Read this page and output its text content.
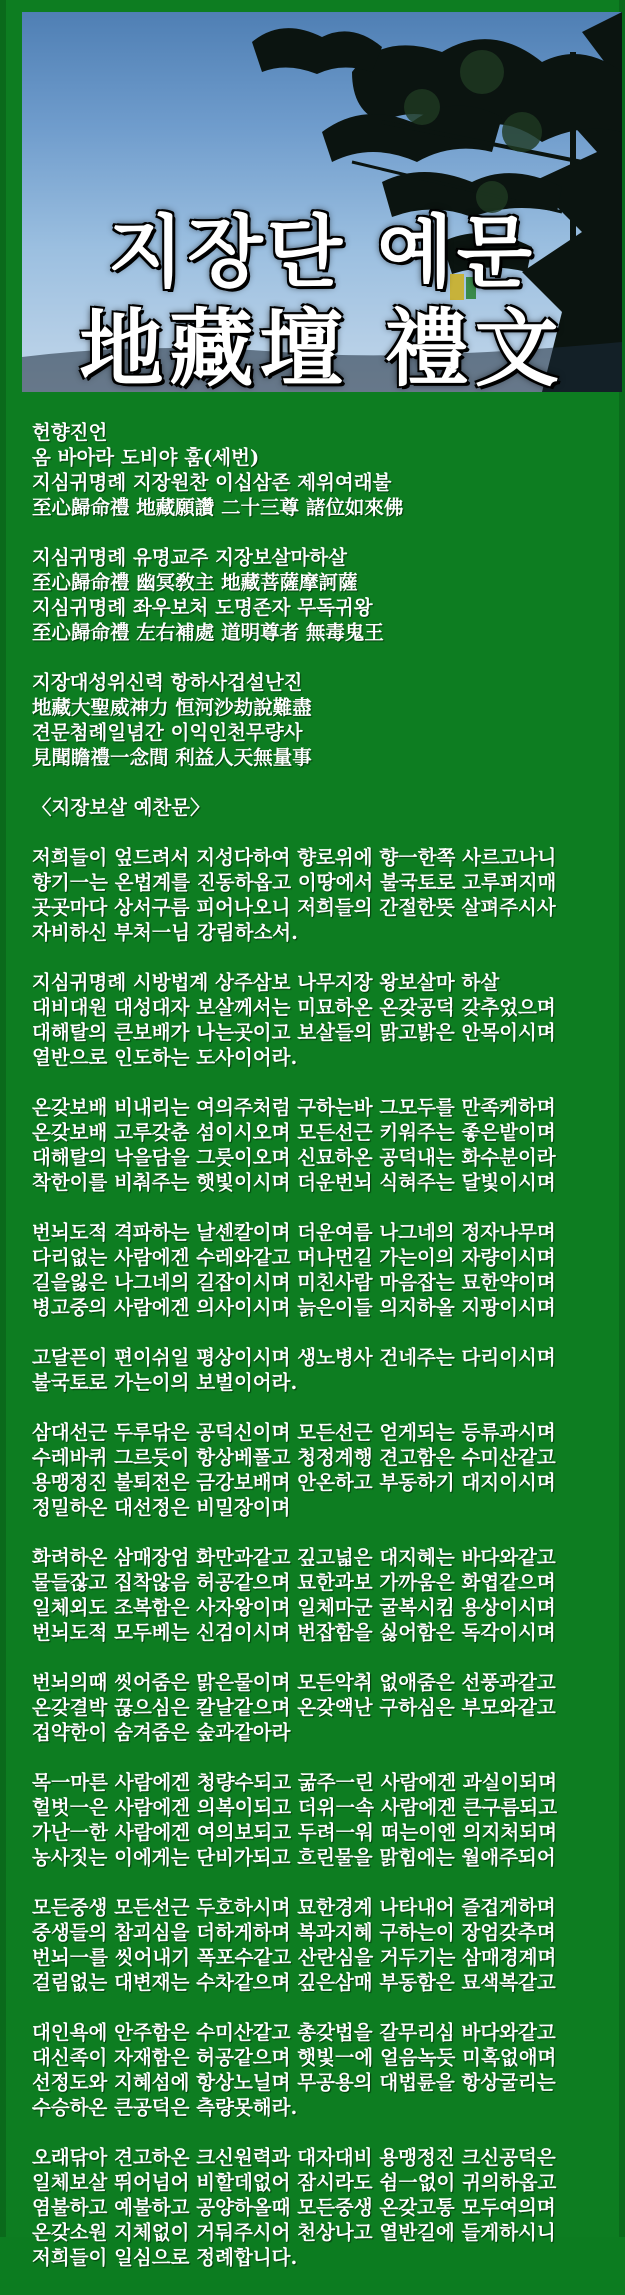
지장단 예문
地藏壇 禮文
헌향진언
옴 바아라 도비야 훔(세번)
지심귀명례 지장원찬 이십삼존 제위여래불
至心歸命禮 地藏願讚 二十三尊 諸位如來佛
지심귀명례 유명교주 지장보살마하살
至心歸命禮 幽冥敎主 地藏菩薩摩訶薩
지심귀명례 좌우보처 도명존자 무독귀왕
至心歸命禮 左右補處 道明尊者 無毒鬼王
지장대성위신력 항하사겁설난진
地藏大聖威神力 恒河沙劫說難盡
견문첨례일념간 이익인천무량사
見聞瞻禮一念間 利益人天無量事
〈지장보살 예찬문〉
저희들이 엎드려서 지성다하여 향로위에 향一한쪽 사르고나니
향기一는 온법계를 진동하옵고 이땅에서 불국토로 고루퍼지매
곳곳마다 상서구름 피어나오니 저희들의 간절한뜻 살펴주시사
자비하신 부처一님 강림하소서.
지심귀명례 시방법계 상주삼보 나무지장 왕보살마 하살
대비대원 대성대자 보살께서는 미묘하온 온갖공덕 갖추었으며
대해탈의 큰보배가 나는곳이고 보살들의 맑고밝은 안목이시며
열반으로 인도하는 도사이어라.
온갖보배 비내리는 여의주처럼 구하는바 그모두를 만족케하며
온갖보배 고루갖춘 섬이시오며 모든선근 키워주는 좋은밭이며
대해탈의 낙을담을 그릇이오며 신묘하온 공덕내는 화수분이라
착한이를 비춰주는 햇빛이시며 더운번뇌 식혀주는 달빛이시며
번뇌도적 격파하는 날센칼이며 더운여름 나그네의 정자나무며
다리없는 사람에겐 수레와같고 머나먼길 가는이의 자량이시며
길을잃은 나그네의 길잡이시며 미친사람 마음잡는 묘한약이며
병고중의 사람에겐 의사이시며 늙은이들 의지하올 지팡이시며
고달픈이 편이쉬일 평상이시며 생노병사 건네주는 다리이시며
불국토로 가는이의 보벌이어라.
삼대선근 두루닦은 공덕신이며 모든선근 얻게되는 등류과시며
수레바퀴 그르듯이 항상베풀고 청정계행 견고함은 수미산같고
용맹정진 불퇴전은 금강보배며 안온하고 부동하기 대지이시며
정밀하온 대선정은 비밀장이며
화려하온 삼매장엄 화만과같고 깊고넓은 대지혜는 바다와같고
물들잖고 집착않음 허공같으며 묘한과보 가까움은 화엽같으며
일체외도 조복함은 사자왕이며 일체마군 굴복시킴 용상이시며
번뇌도적 모두베는 신검이시며 번잡함을 싫어함은 독각이시며
번뇌의때 씻어줌은 맑은물이며 모든악취 없애줌은 선풍과같고
온갖결박 끊으심은 칼날같으며 온갖액난 구하심은 부모와같고
겁약한이 숨겨줌은 숲과같아라
목一마른 사람에겐 청량수되고 굶주一린 사람에겐 과실이되며
헐벗一은 사람에겐 의복이되고 더위一속 사람에겐 큰구름되고
가난一한 사람에겐 여의보되고 두려一워 떠는이엔 의지처되며
농사짓는 이에게는 단비가되고 흐린물을 맑힘에는 월애주되어
모든중생 모든선근 두호하시며 묘한경계 나타내어 즐겁게하며
중생들의 참괴심을 더하게하며 복과지혜 구하는이 장엄갖추며
번뇌一를 씻어내기 폭포수같고 산란심을 거두기는 삼매경계며
걸림없는 대변재는 수차같으며 깊은삼매 부동함은 묘색복같고
대인욕에 안주함은 수미산같고 총갖법을 갈무리심 바다와같고
대신족이 자재함은 허공같으며 햇빛一에 얼음녹듯 미혹없애며
선정도와 지혜섬에 항상노닐며 무공용의 대법륜을 항상굴리는
수승하온 큰공덕은 측량못해라.
오래닦아 견고하온 크신원력과 대자대비 용맹정진 크신공덕은
일체보살 뛰어넘어 비할데없어 잠시라도 쉼一없이 귀의하옵고
염불하고 예불하고 공양하올때 모든중생 온갖고통 모두여의며
온갖소원 지체없이 거둬주시어 천상나고 열반길에 들게하시니
저희들이 일심으로 정례합니다.
